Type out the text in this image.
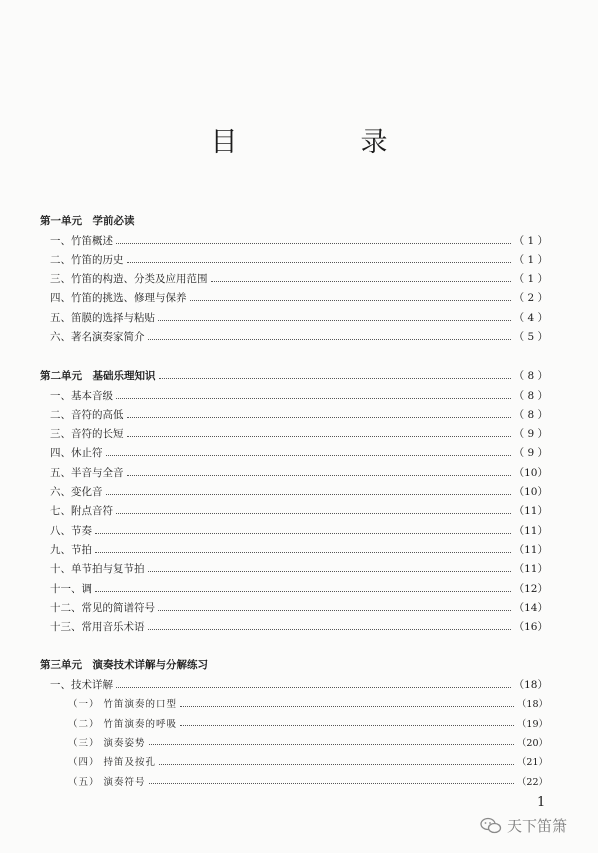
目　录
第一单元　学前必读
一、竹笛概述	（ 1 ）
二、竹笛的历史	（ 1 ）
三、竹笛的构造、分类及应用范围	（ 1 ）
四、竹笛的挑选、修理与保养	（ 2 ）
五、笛膜的选择与粘贴	（ 4 ）
六、著名演奏家简介	（ 5 ）
第二单元　基础乐理知识	（ 8 ）
一、基本音级	（ 8 ）
二、音符的高低	（ 8 ）
三、音符的长短	（ 9 ）
四、休止符	（ 9 ）
五、半音与全音	（10）
六、变化音	（10）
七、附点音符	（11）
八、节奏	（11）
九、节拍	（11）
十、单节拍与复节拍	（11）
十一、调	（12）
十二、常见的简谱符号	（14）
十三、常用音乐术语	（16）
第三单元　演奏技术详解与分解练习
一、技术详解	（18）
（一） 竹笛演奏的口型	（18）
（二） 竹笛演奏的呼吸	（19）
（三） 演奏姿势	（20）
（四） 持笛及按孔	（21）
（五） 演奏符号	（22）
1
天下笛箫
